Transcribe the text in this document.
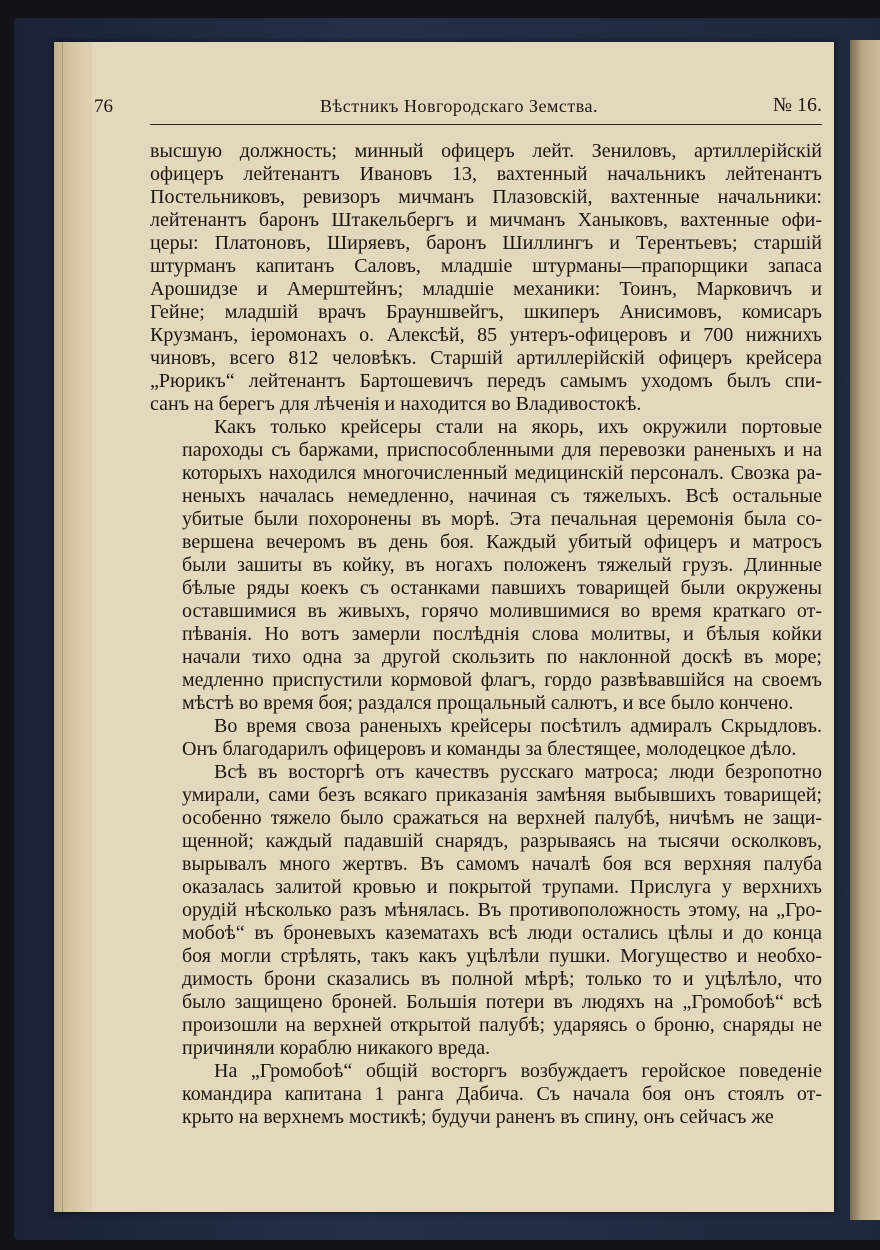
76	Вѣстникъ Новгородскаго Земства.	№ 16.

высшую должность; минный офицеръ лейт. Зениловъ, артиллерійскій
офицеръ лейтенантъ Ивановъ 13, вахтенный начальникъ лейтенантъ
Постельниковъ, ревизоръ мичманъ Плазовскій, вахтенные начальники:
лейтенантъ баронъ Штакельбергъ и мичманъ Ханыковъ, вахтенные офи-
церы: Платоновъ, Ширяевъ, баронъ Шиллингъ и Терентьевъ; старшій
штурманъ капитанъ Саловъ, младшіе штурманы—прапорщики запаса
Арошидзе и Амерштейнъ; младшіе механики: Тоинъ, Марковичъ и
Гейне; младшій врачъ Брауншвейгъ, шкиперъ Анисимовъ, комисаръ
Крузманъ, іеромонахъ о. Алексѣй, 85 унтеръ-офицеровъ и 700 нижнихъ
чиновъ, всего 812 человѣкъ. Старшій артиллерійскій офицеръ крейсера
„Рюрикъ“ лейтенантъ Бартошевичъ передъ самымъ уходомъ былъ спи-
санъ на берегъ для лѣченія и находится во Владивостокѣ.

Какъ только крейсеры стали на якорь, ихъ окружили портовые
пароходы съ баржами, приспособленными для перевозки раненыхъ и на
которыхъ находился многочисленный медицинскій персоналъ. Свозка ра-
неныхъ началась немедленно, начиная съ тяжелыхъ. Всѣ остальные
убитые были похоронены въ морѣ. Эта печальная церемонія была со-
вершена вечеромъ въ день боя. Каждый убитый офицеръ и матросъ
были зашиты въ койку, въ ногахъ положенъ тяжелый грузъ. Длинные
бѣлые ряды коекъ съ останками павшихъ товарищей были окружены
оставшимися въ живыхъ, горячо молившимися во время краткаго от-
пѣванія. Но вотъ замерли послѣднія слова молитвы, и бѣлыя койки
начали тихо одна за другой скользить по наклонной доскѣ въ море;
медленно приспустили кормовой флагъ, гордо развѣвавшійся на своемъ
мѣстѣ во время боя; раздался прощальный салютъ, и все было кончено.

Во время своза раненыхъ крейсеры посѣтилъ адмиралъ Скрыдловъ.
Онъ благодарилъ офицеровъ и команды за блестящее, молодецкое дѣло.

Всѣ въ восторгѣ отъ качествъ русскаго матроса; люди безропотно
умирали, сами безъ всякаго приказанія замѣняя выбывшихъ товарищей;
особенно тяжело было сражаться на верхней палубѣ, ничѣмъ не защи-
щенной; каждый падавшій снарядъ, разрываясь на тысячи осколковъ,
вырывалъ много жертвъ. Въ самомъ началѣ боя вся верхняя палуба
оказалась залитой кровью и покрытой трупами. Прислуга у верхнихъ
орудій нѣсколько разъ мѣнялась. Въ противоположность этому, на „Гро-
мобоѣ“ въ броневыхъ казематахъ всѣ люди остались цѣлы и до конца
боя могли стрѣлять, такъ какъ уцѣлѣли пушки. Могущество и необхо-
димость брони сказались въ полной мѣрѣ; только то и уцѣлѣло, что
было защищено броней. Большія потери въ людяхъ на „Громобоѣ“ всѣ
произошли на верхней открытой палубѣ; ударяясь о броню, снаряды не
причиняли кораблю никакого вреда.

На „Громобоѣ“ общій восторгъ возбуждаетъ геройское поведеніе
командира капитана 1 ранга Дабича. Съ начала боя онъ стоялъ от-
крыто на верхнемъ мостикѣ; будучи раненъ въ спину, онъ сейчасъ же
